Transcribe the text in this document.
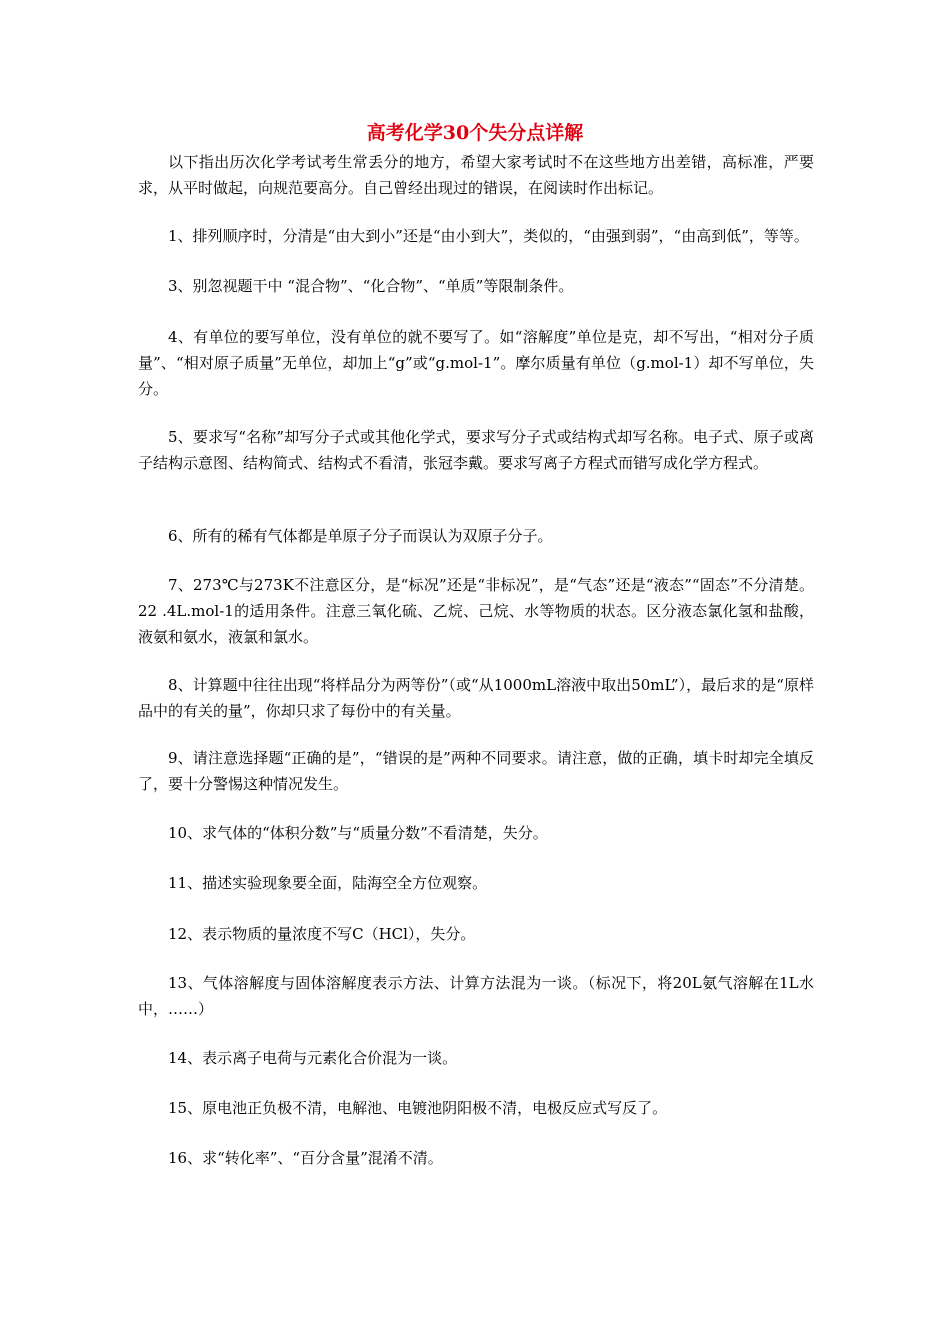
高考化学30个失分点详解

以下指出历次化学考试考生常丢分的地方，希望大家考试时不在这些地方出差错，高标准，严要求，从平时做起，向规范要高分。自己曾经出现过的错误，在阅读时作出标记。

1、排列顺序时，分清是“由大到小”还是“由小到大”，类似的，“由强到弱”，“由高到低”，等等。

3、别忽视题干中 “混合物”、“化合物”、“单质”等限制条件。

4、有单位的要写单位，没有单位的就不要写了。如“溶解度”单位是克，却不写出，“相对分子质量”、“相对原子质量”无单位，却加上“g”或“g.mol-1”。摩尔质量有单位（g.mol-1）却不写单位，失分。

5、要求写“名称”却写分子式或其他化学式，要求写分子式或结构式却写名称。电子式、原子或离子结构示意图、结构简式、结构式不看清，张冠李戴。要求写离子方程式而错写成化学方程式。

6、所有的稀有气体都是单原子分子而误认为双原子分子。

7、273℃与273K不注意区分，是“标况”还是“非标况”，是“气态”还是“液态”“固态”不分清楚。22 .4L.mol-1的适用条件。注意三氧化硫、乙烷、己烷、水等物质的状态。区分液态氯化氢和盐酸，液氨和氨水，液氯和氯水。

8、计算题中往往出现“将样品分为两等份”（或“从1000mL溶液中取出50mL”），最后求的是“原样品中的有关的量”，你却只求了每份中的有关量。

9、请注意选择题“正确的是”，“错误的是”两种不同要求。请注意，做的正确，填卡时却完全填反了，要十分警惕这种情况发生。

10、求气体的“体积分数”与“质量分数”不看清楚，失分。

11、描述实验现象要全面，陆海空全方位观察。

12、表示物质的量浓度不写C（HCl），失分。

13、气体溶解度与固体溶解度表示方法、计算方法混为一谈。（标况下，将20L氨气溶解在1L水中，……）

14、表示离子电荷与元素化合价混为一谈。

15、原电池正负极不清，电解池、电镀池阴阳极不清，电极反应式写反了。

16、求“转化率”、“百分含量”混淆不清。
